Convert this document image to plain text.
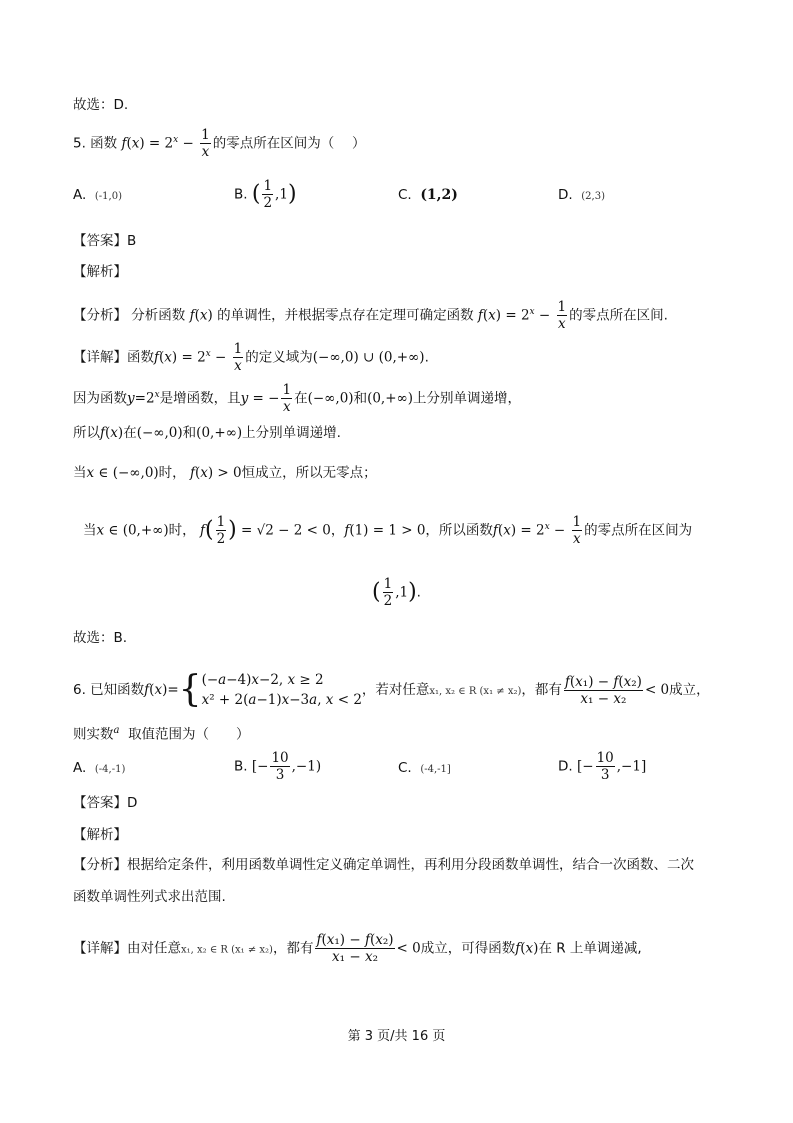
故选：D.
5. 函数 $f(x) = 2^x - \frac{1}{x}$ 的零点所在区间为（　 ）
A. (-1,0)	B. ( $\frac{1}{2} ,1$)	C. (1,2)	D. (2,3)
【答案】B
【解析】
【分析】 分析函数 f(x) 的单调性，并根据零点存在定理可确定函数 $f(x) = 2^x - \frac{1}{x}$ 的零点所在区间.
【详解】函数$f(x) = 2^x - \frac{1}{x}$ 的定义域为(−∞,0) ∪ (0,+∞).
因为函数$y=2^x$是增函数，且y = − $\frac{1}{x}$ 在(−∞,0)和(0,+∞)上分别单调递增，
所以f(x)在(−∞,0)和(0,+∞)上分别单调递增.
当x ∈ (−∞,0)时， f(x) > 0恒成立，所以无零点；
当x ∈ (0,+∞)时， $f( \frac{1}{2}$ ) = √2 − 2 < 0，f(1) = 1 > 0，所以函数$f(x) = 2^x - \frac{1}{x}$ 的零点所在区间为
( $\frac{1}{2} ,1$).
故选：B.
6. 已知函数f(x)={ (−a−4)x−2, x ≥ 2
x² + 2(a−1)x−3a, x < 2
，若对任意x₁, x₂ ∈ R (x₁ ≠ x₂)，都有 $\frac{\text{f(x₁) − f(x₂)}}{\text{x₁ − x₂}} < 0$成立，
则实数$^a$ 取值范围为（　　）
A. (-4,-1)	B. [− $\frac{10}{3} ,-1$)	C. (-4,-1]	D. [− $\frac{10}{3} ,-1$]
【答案】D
【解析】
【分析】根据给定条件，利用函数单调性定义确定单调性，再利用分段函数单调性，结合一次函数、二次
函数单调性列式求出范围.
【详解】由对任意x₁, x₂ ∈ R (x₁ ≠ x₂)，都有 $\frac{\text{f(x₁) − f(x₂)}}{\text{x₁ − x₂}} < 0$成立，可得函数f(x)在 R 上单调递减,
第 3 页/共 16 页
